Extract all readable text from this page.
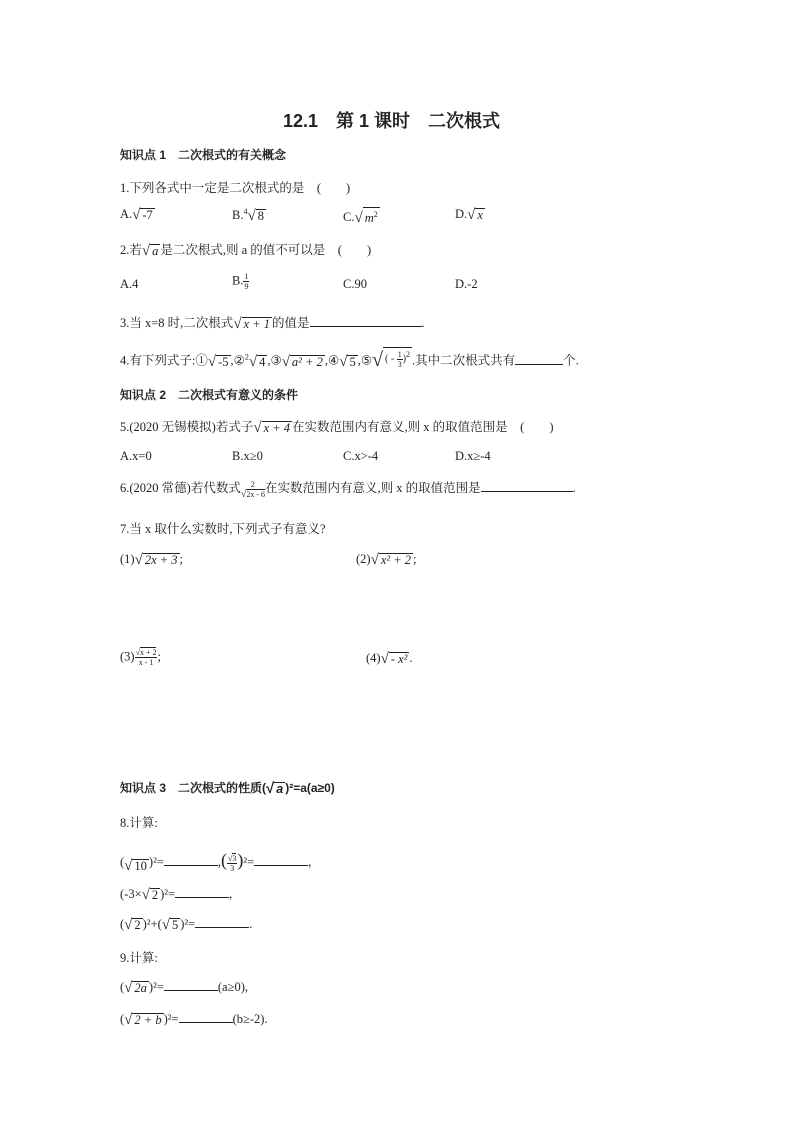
12.1　第 1 课时　二次根式
知识点 1　二次根式的有关概念
1.下列各式中一定是二次根式的是　(　　)
A. √ -7	B.$^4$ √ 8	C. √ $m^2$	D. √ x
2.若 √ a 是二次根式,则 a 的值不可以是　(　　)
A.4	B. $\frac{1}{9}$	C.90	D.-2
3.当 x=8 时,二次根式 √ x + 1 的值是	.
4.有下列式子:① √ -5 ,②$^2$ √ 4 ,③ √ a² + 2 ,④ √ 5 ,⑤ √ ( - $\frac{1}{3} )^2$ .其中二次根式共有	个.
知识点 2　二次根式有意义的条件
5.(2020 无锡模拟)若式子 √ x + 4 在实数范围内有意义,则 x 的取值范围是　(　　)
A.x=0	B.x≥0	C.x>-4	D.x≥-4
6.(2020 常德)若代数式 $\frac{2}{√2x - 6}$ 在实数范围内有意义,则 x 的取值范围是	.
7.当 x 取什么实数时,下列式子有意义?
(1) √ 2x + 3 ;	(2) √ x² + 2 ;
$(3) \frac{√x + 2}{x - 1}$ ;	(4) √ - x² .
知识点 3　二次根式的性质( √ a )²=a(a≥0)
8.计算:
( √ 10 )²=	,( $\frac{√3}{3} )^2=$	,
(-3× √ 2 )²=	,
( √ 2 )²+( √ 5 )²=	.
9.计算:
( √ 2a )²=	(a≥0),
( √ 2 + b )²=	(b≥-2).
